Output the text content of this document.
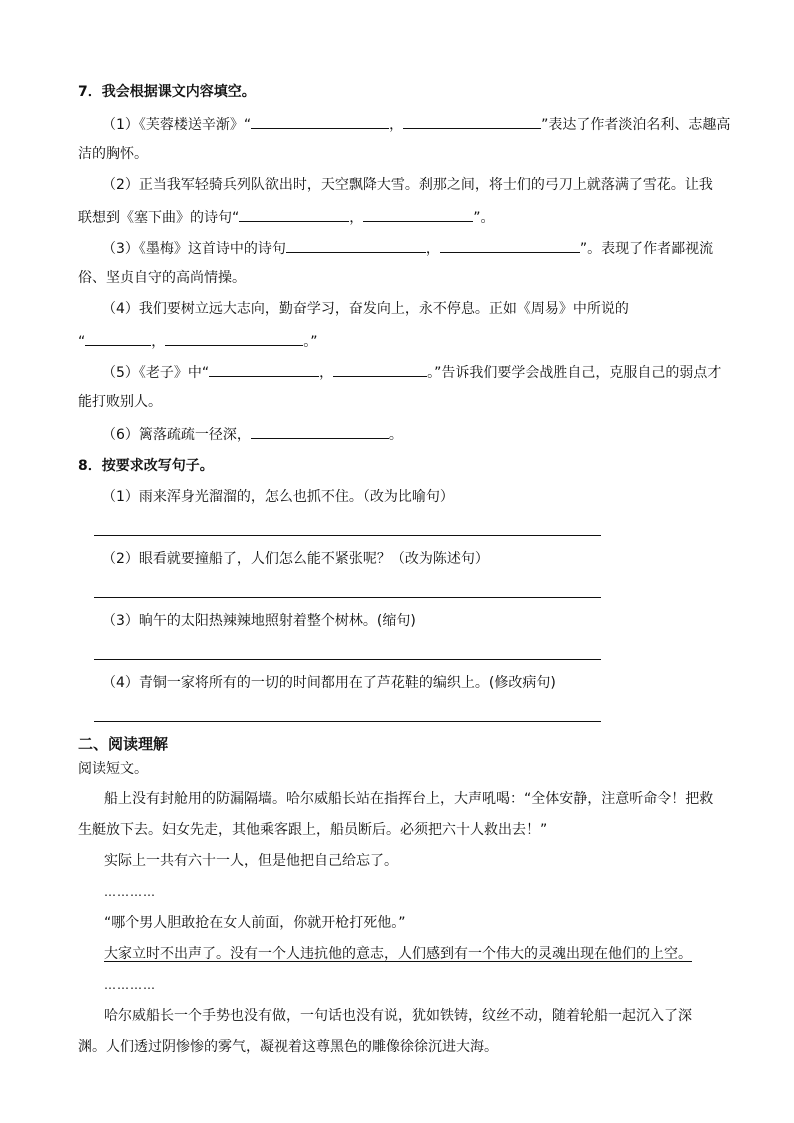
7．我会根据课文内容填空。
（1）《芙蓉楼送辛渐》“	，	”表达了作者淡泊名利、志趣高
洁的胸怀。
（2）正当我军轻骑兵列队欲出时，天空飘降大雪。刹那之间，将士们的弓刀上就落满了雪花。让我
联想到《塞下曲》的诗句“	，	”。
（3）《墨梅》这首诗中的诗句	，	”。表现了作者鄙视流
俗、坚贞自守的高尚情操。
（4）我们要树立远大志向，勤奋学习，奋发向上，永不停息。正如《周易》中所说的
“	，	。”
（5）《老子》中“	，	。”告诉我们要学会战胜自己，克服自己的弱点才
能打败别人。
（6）篱落疏疏一径深，	。
8．按要求改写句子。
（1）雨来浑身光溜溜的，怎么也抓不住。（改为比喻句）
（2）眼看就要撞船了，人们怎么能不紧张呢？（改为陈述句）
（3）晌午的太阳热辣辣地照射着整个树林。(缩句)
（4）青铜一家将所有的一切的时间都用在了芦花鞋的编织上。(修改病句)
二、阅读理解
阅读短文。
船上没有封舱用的防漏隔墙。哈尔威船长站在指挥台上，大声吼喝：“全体安静，注意听命令！把救
生艇放下去。妇女先走，其他乘客跟上，船员断后。必须把六十人救出去！”
实际上一共有六十一人，但是他把自己给忘了。
…………
“哪个男人胆敢抢在女人前面，你就开枪打死他。”
大家立时不出声了。没有一个人违抗他的意志，人们感到有一个伟大的灵魂出现在他们的上空。
…………
哈尔威船长一个手势也没有做，一句话也没有说，犹如铁铸，纹丝不动，随着轮船一起沉入了深
渊。人们透过阴惨惨的雾气，凝视着这尊黑色的雕像徐徐沉进大海。
